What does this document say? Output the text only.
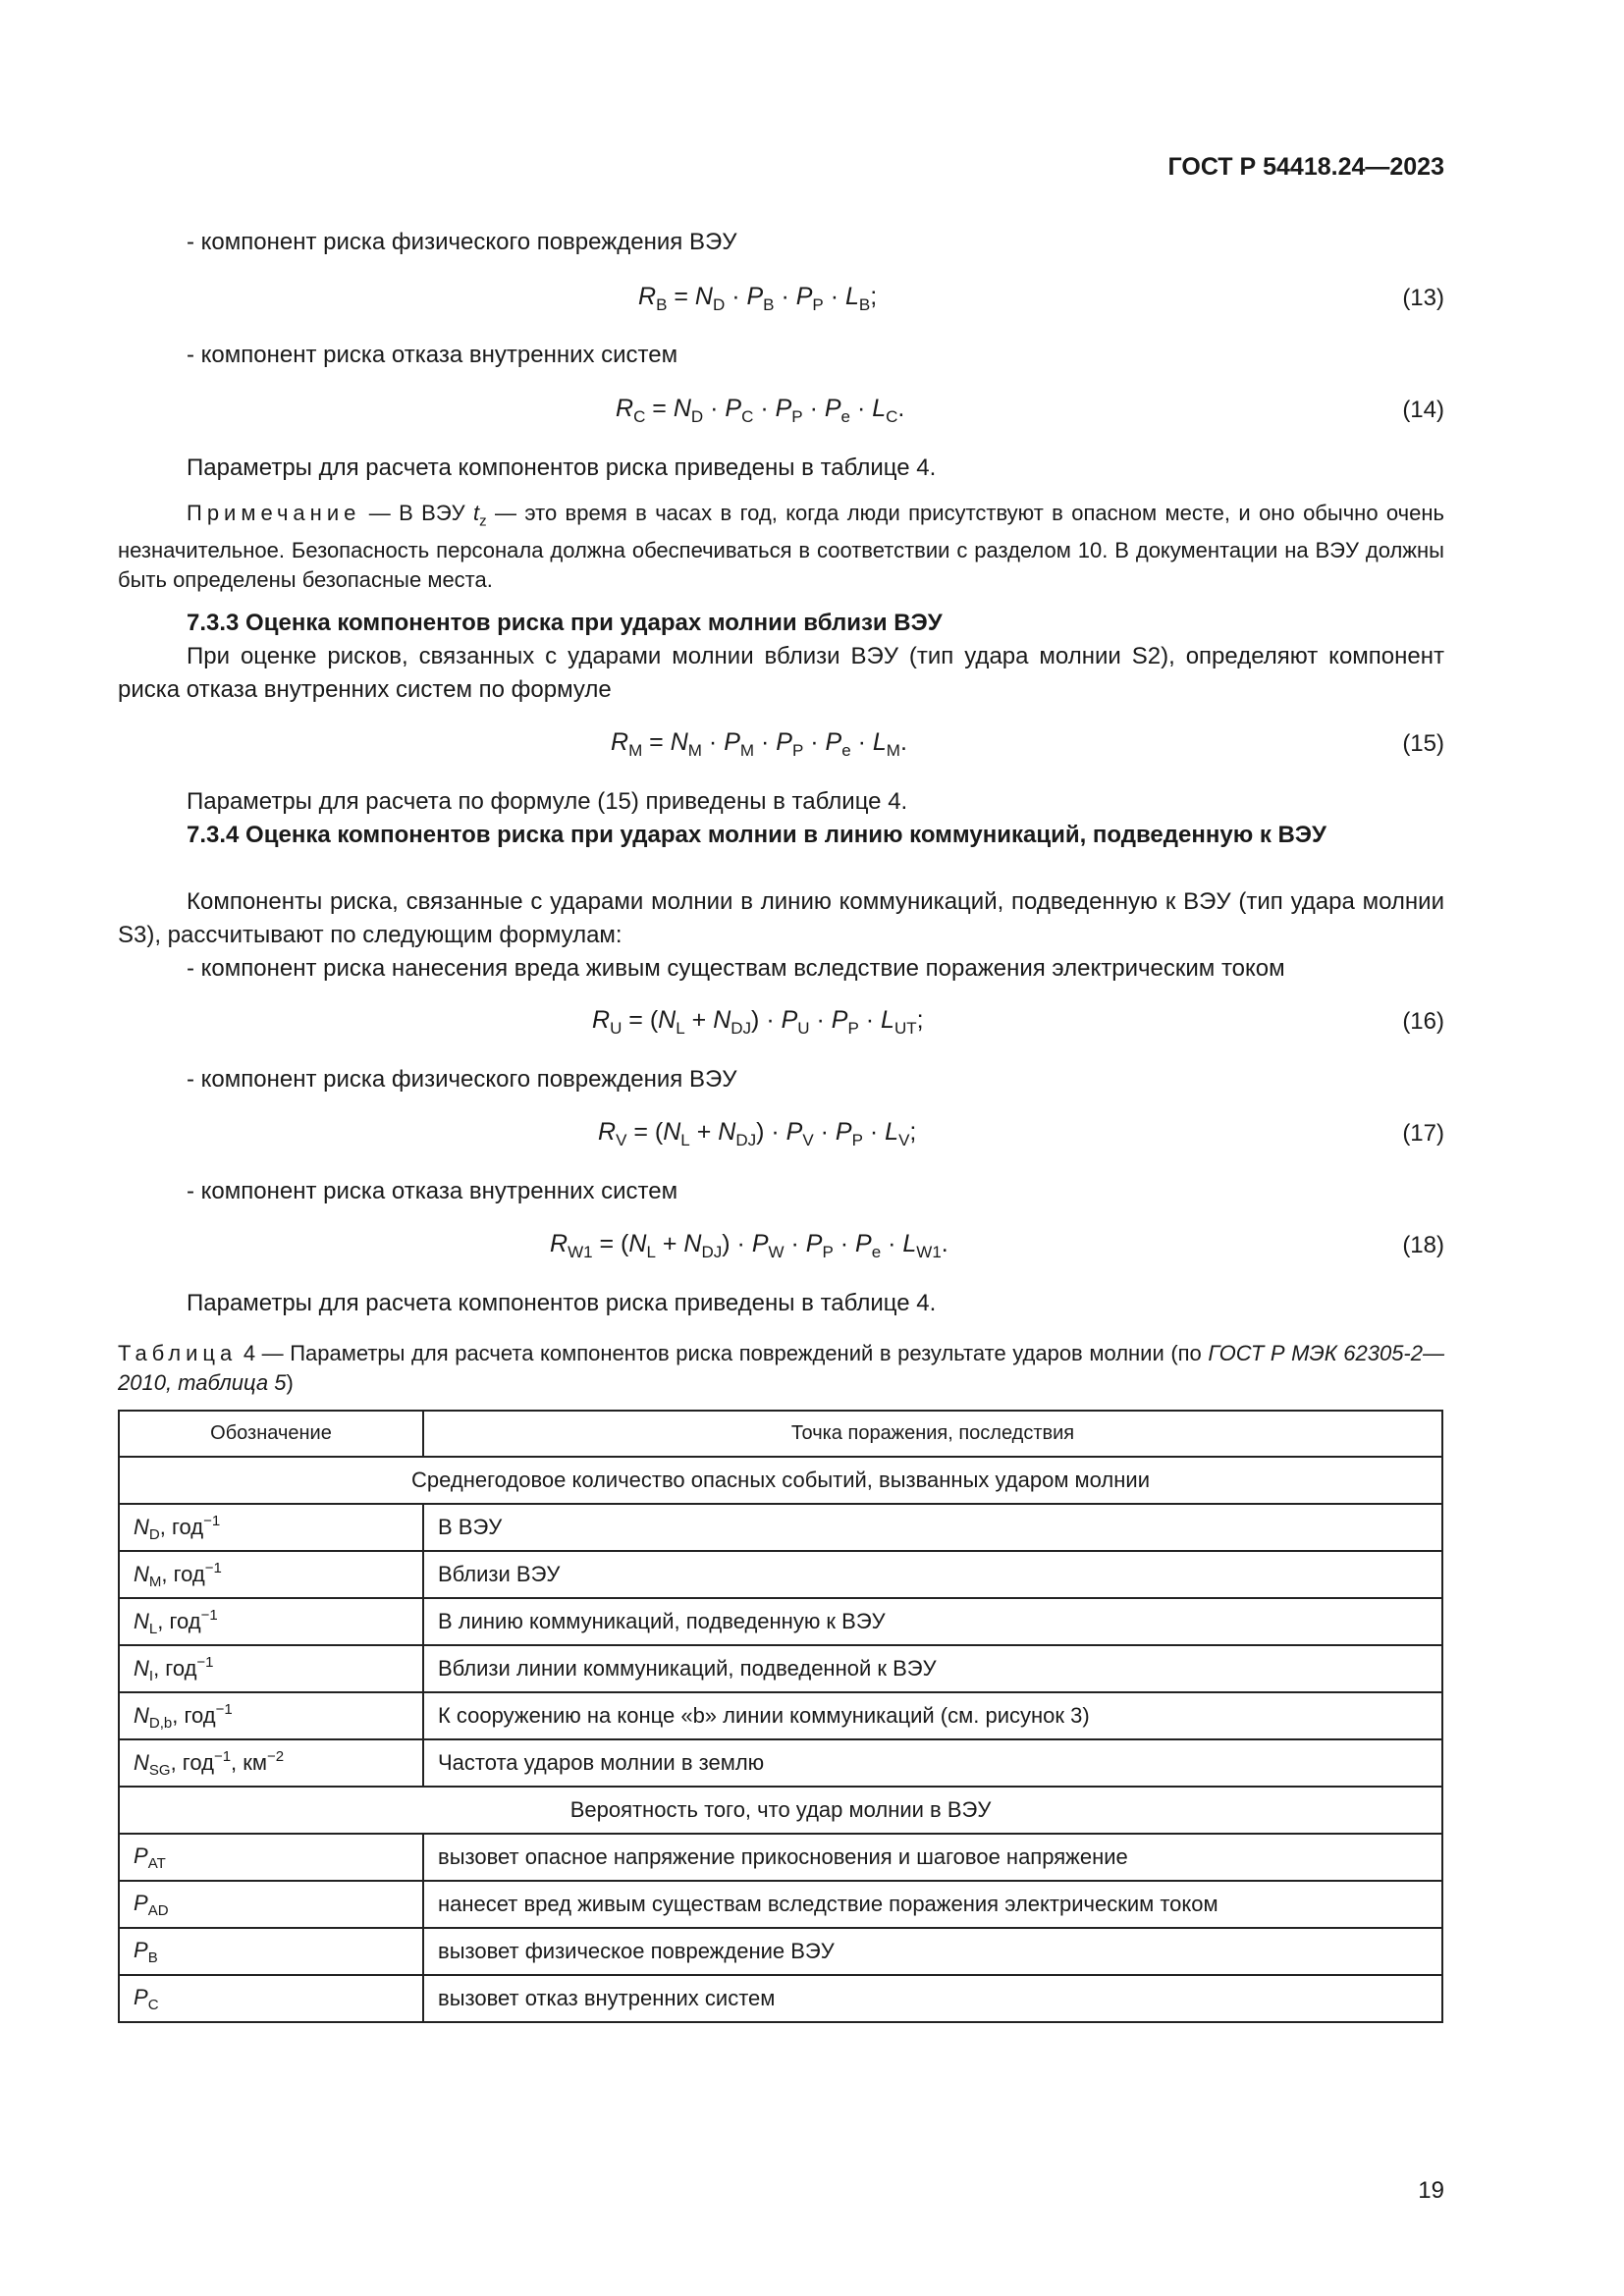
ГОСТ Р 54418.24—2023
- компонент риска физического повреждения ВЭУ
$R_B = N_D \cdot P_B \cdot P_P \cdot L_B$;	(13)
- компонент риска отказа внутренних систем
$R_C = N_D \cdot P_C \cdot P_P \cdot P_e \cdot L_C$.	(14)
Параметры для расчета компонентов риска приведены в таблице 4.
Примечание — В ВЭУ $t_z$ — это время в часах в год, когда люди присутствуют в опасном месте, и оно обычно очень незначительное. Безопасность персонала должна обеспечиваться в соответствии с разделом 10. В документации на ВЭУ должны быть определены безопасные места.
7.3.3 Оценка компонентов риска при ударах молнии вблизи ВЭУ
При оценке рисков, связанных с ударами молнии вблизи ВЭУ (тип удара молнии S2), определяют компонент риска отказа внутренних систем по формуле
$R_M = N_M \cdot P_M \cdot P_P \cdot P_e \cdot L_M$.	(15)
Параметры для расчета по формуле (15) приведены в таблице 4.
7.3.4 Оценка компонентов риска при ударах молнии в линию коммуникаций, подведенную к ВЭУ
Компоненты риска, связанные с ударами молнии в линию коммуникаций, подведенную к ВЭУ (тип удара молнии S3), рассчитывают по следующим формулам:
- компонент риска нанесения вреда живым существам вследствие поражения электрическим током
$R_U = (N_L + N_{DJ}) \cdot P_U \cdot P_P \cdot L_{UT}$;	(16)
- компонент риска физического повреждения ВЭУ
$R_V = (N_L + N_{DJ}) \cdot P_V \cdot P_P \cdot L_V$;	(17)
- компонент риска отказа внутренних систем
$R_{W1} = (N_L + N_{DJ}) \cdot P_W \cdot P_P \cdot P_e \cdot L_{W1}$.	(18)
Параметры для расчета компонентов риска приведены в таблице 4.
Таблица 4 — Параметры для расчета компонентов риска повреждений в результате ударов молнии (по ГОСТ Р МЭК 62305-2—2010, таблица 5)
Обозначение	Точка поражения, последствия
Среднегодовое количество опасных событий, вызванных ударом молнии	
$N_D$, год$^{-1}$	В ВЭУ
$N_M$, год$^{-1}$	Вблизи ВЭУ
$N_L$, год$^{-1}$	В линию коммуникаций, подведенную к ВЭУ
$N_I$, год$^{-1}$	Вблизи линии коммуникаций, подведенной к ВЭУ
$N_{D,b}$, год$^{-1}$	К сооружению на конце «b» линии коммуникаций (см. рисунок 3)
$N_{SG}$, год$^{-1}$, $км^{-2}$	Частота ударов молнии в землю
Вероятность того, что удар молнии в ВЭУ	
$P_{AT}$	вызовет опасное напряжение прикосновения и шаговое напряжение
$P_{AD}$	нанесет вред живым существам вследствие поражения электрическим током
$P_B$	вызовет физическое повреждение ВЭУ
$P_C$	вызовет отказ внутренних систем
19
